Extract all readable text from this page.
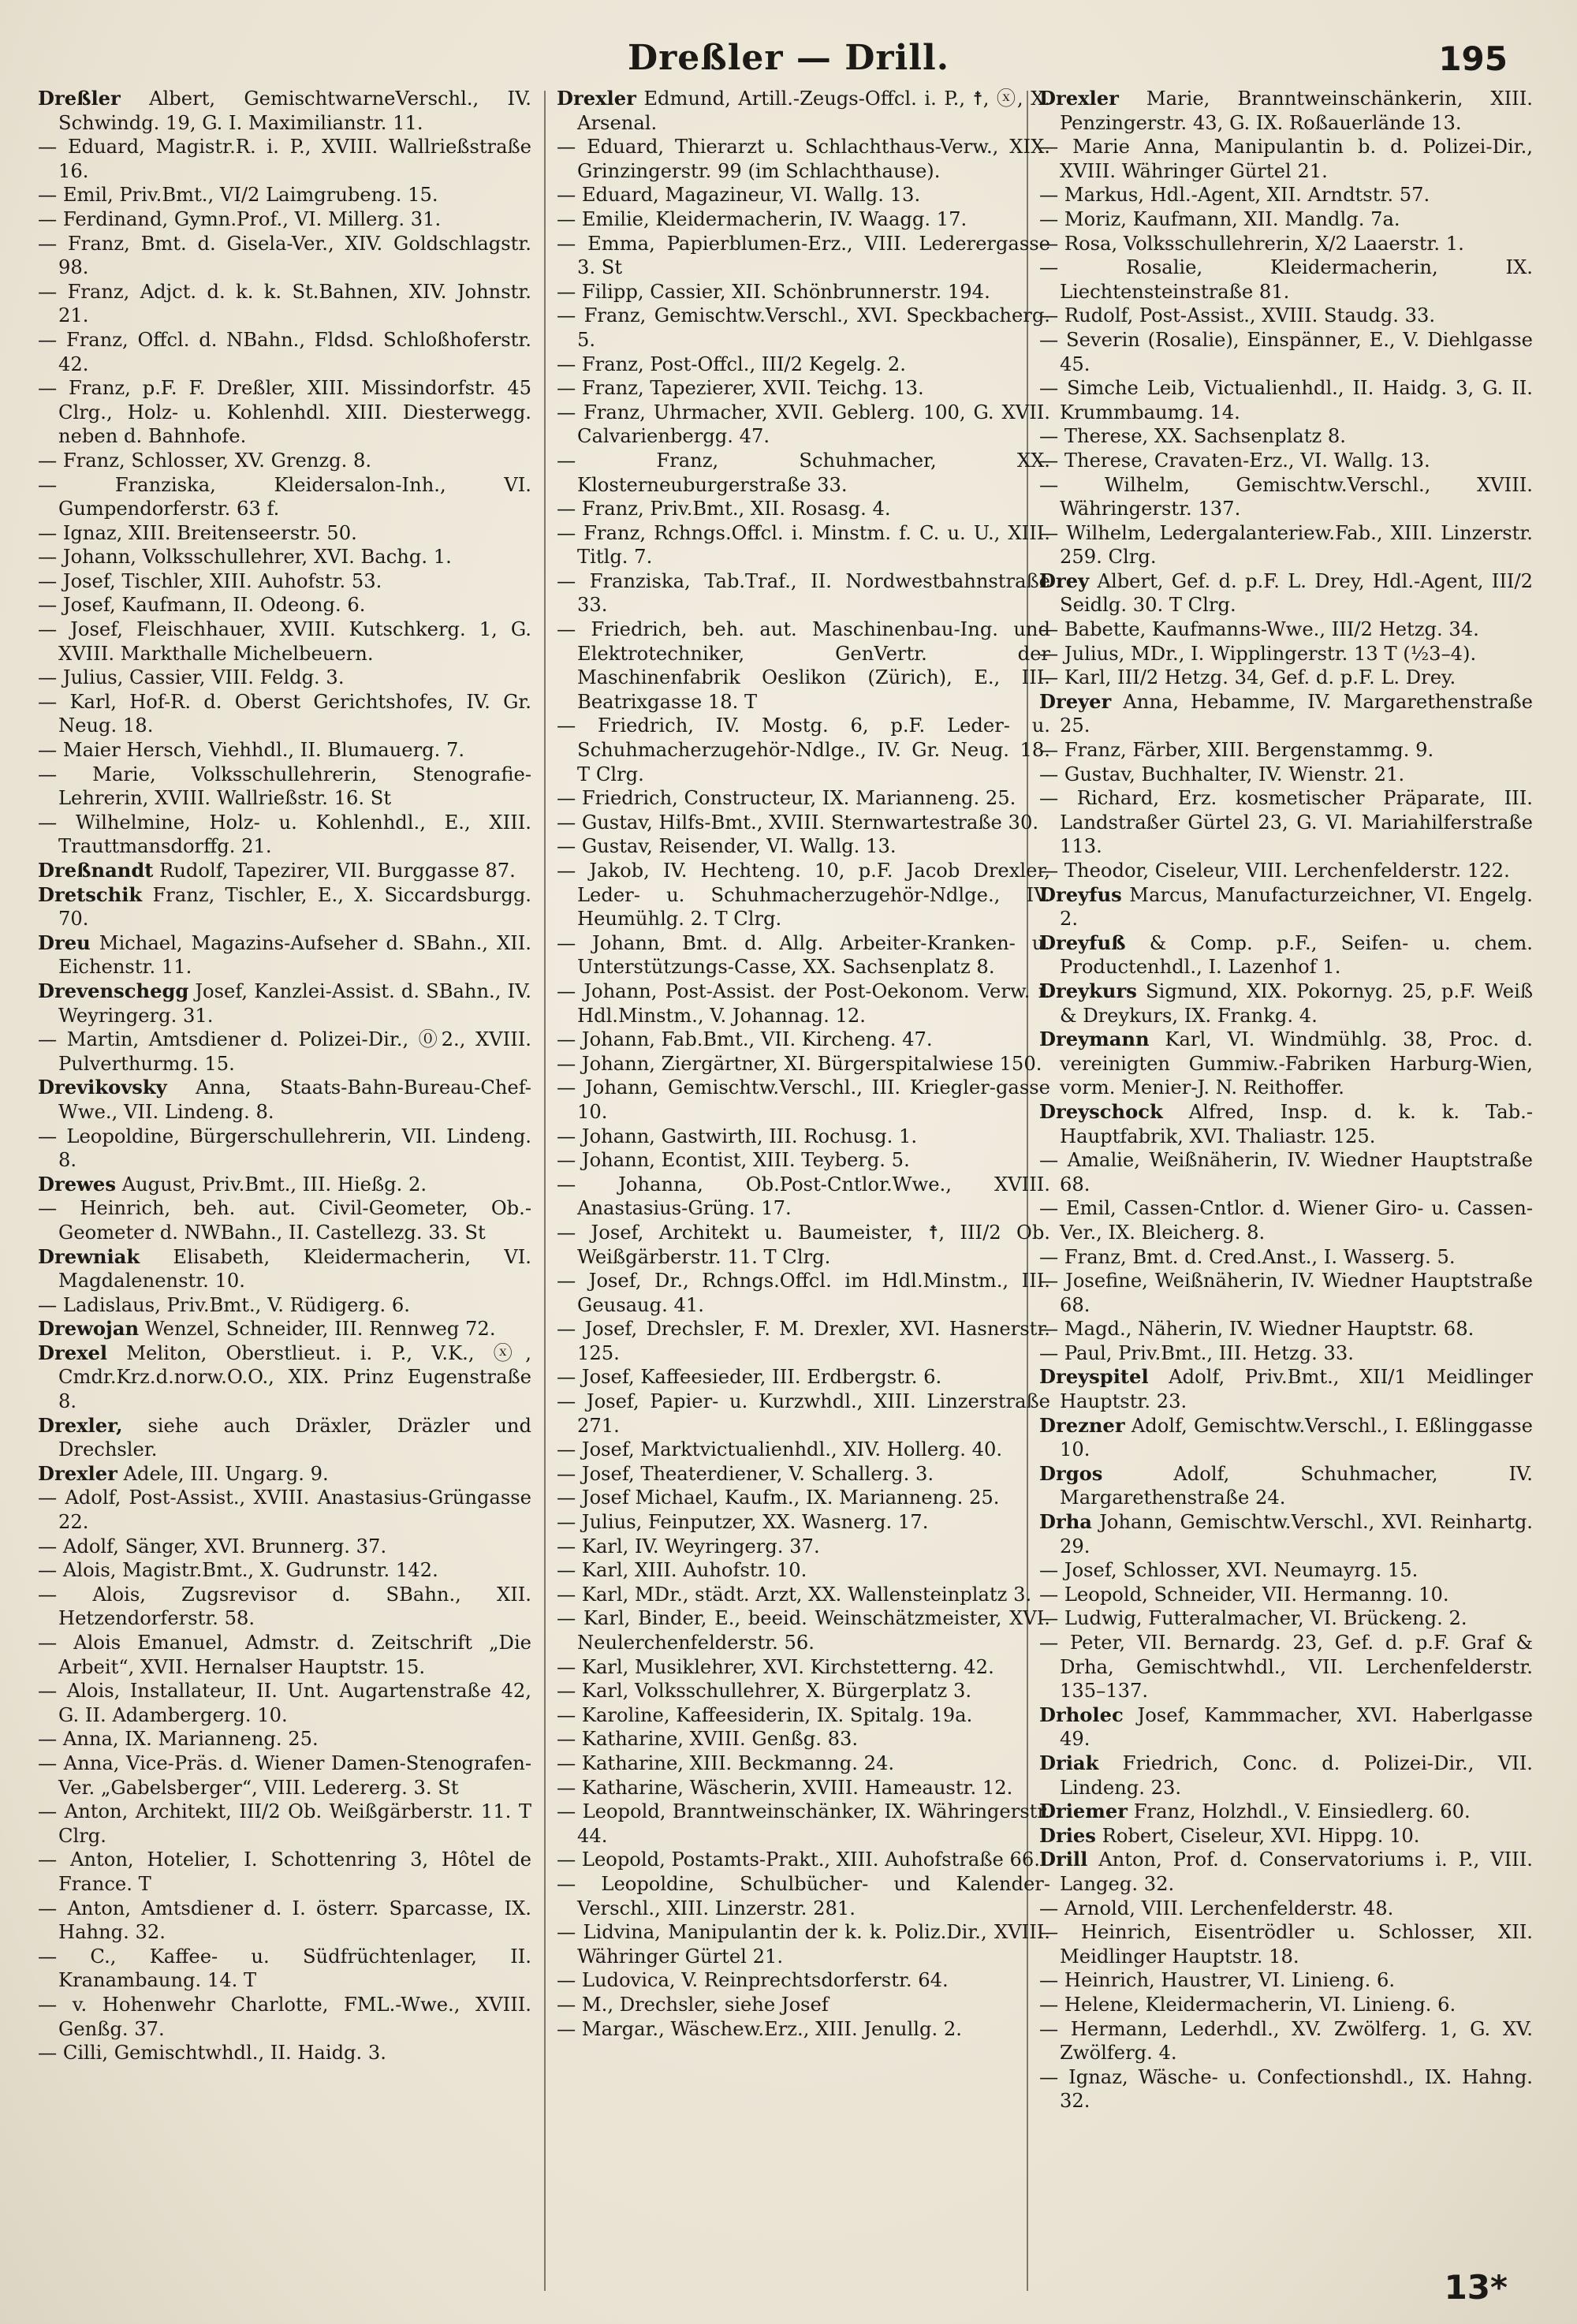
Dreßler — Drill.	195

Dreßler Albert, GemischtwarneVerschl., IV. Schwindg. 19, G. I. Maximilianstr. 11.

— Eduard, Magistr.R. i. P., XVIII. Wallrießstraße 16.

— Emil, Priv.Bmt., VI/2 Laimgrubeng. 15.

— Ferdinand, Gymn.Prof., VI. Millerg. 31.

— Franz, Bmt. d. Gisela-Ver., XIV. Goldschlagstr. 98.

— Franz, Adjct. d. k. k. St.Bahnen, XIV. Johnstr. 21.

— Franz, Offcl. d. NBahn., Fldsd. Schloßhoferstr. 42.

— Franz, p.F. F. Dreßler, XIII. Missindorfstr. 45 Clrg., Holz- u. Kohlenhdl. XIII. Diesterwegg. neben d. Bahnhofe.

— Franz, Schlosser, XV. Grenzg. 8.

— Franziska, Kleidersalon-Inh., VI. Gumpendorferstr. 63 f.

— Ignaz, XIII. Breitenseerstr. 50.

— Johann, Volksschullehrer, XVI. Bachg. 1.

— Josef, Tischler, XIII. Auhofstr. 53.

— Josef, Kaufmann, II. Odeong. 6.

— Josef, Fleischhauer, XVIII. Kutschkerg. 1, G. XVIII. Markthalle Michelbeuern.

— Julius, Cassier, VIII. Feldg. 3.

— Karl, Hof-R. d. Oberst Gerichtshofes, IV. Gr. Neug. 18.

— Maier Hersch, Viehhdl., II. Blumauerg. 7.

— Marie, Volksschullehrerin, Stenografie-Lehrerin, XVIII. Wallrießstr. 16. St

— Wilhelmine, Holz- u. Kohlenhdl., E., XIII. Trauttmansdorffg. 21.

Dreßnandt Rudolf, Tapezirer, VII. Burggasse 87.

Dretschik Franz, Tischler, E., X. Siccardsburgg. 70.

Dreu Michael, Magazins-Aufseher d. SBahn., XII. Eichenstr. 11.

Drevenschegg Josef, Kanzlei-Assist. d. SBahn., IV. Weyringerg. 31.

— Martin, Amtsdiener d. Polizei-Dir., ⓪2., XVIII. Pulverthurmg. 15.

Drevikovsky Anna, Staats-Bahn-Bureau-Chef-Wwe., VII. Lindeng. 8.

— Leopoldine, Bürgerschullehrerin, VII. Lindeng. 8.

Drewes August, Priv.Bmt., III. Hießg. 2.

— Heinrich, beh. aut. Civil-Geometer, Ob.-Geometer d. NWBahn., II. Castellezg. 33. St

Drewniak Elisabeth, Kleidermacherin, VI. Magdalenenstr. 10.

— Ladislaus, Priv.Bmt., V. Rüdigerg. 6.

Drewojan Wenzel, Schneider, III. Rennweg 72.

Drexel Meliton, Oberstlieut. i. P., V.K., ⓧ, Cmdr.Krz.d.norw.O.O., XIX. Prinz Eugenstraße 8.

Drexler, siehe auch Dräxler, Dräzler und Drechsler.

Drexler Adele, III. Ungarg. 9.

— Adolf, Post-Assist., XVIII. Anastasius-Grüngasse 22.

— Adolf, Sänger, XVI. Brunnerg. 37.

— Alois, Magistr.Bmt., X. Gudrunstr. 142.

— Alois, Zugsrevisor d. SBahn., XII. Hetzendorferstr. 58.

— Alois Emanuel, Admstr. d. Zeitschrift „Die Arbeit“, XVII. Hernalser Hauptstr. 15.

— Alois, Installateur, II. Unt. Augartenstraße 42, G. II. Adambergerg. 10.

— Anna, IX. Marianneng. 25.

— Anna, Vice-Präs. d. Wiener Damen-Stenografen-Ver. „Gabelsberger“, VIII. Ledererg. 3. St

— Anton, Architekt, III/2 Ob. Weißgärberstr. 11. T Clrg.

— Anton, Hotelier, I. Schottenring 3, Hôtel de France. T

— Anton, Amtsdiener d. I. österr. Sparcasse, IX. Hahng. 32.

— C., Kaffee- u. Südfrüchtenlager, II. Kranambaung. 14. T

— v. Hohenwehr Charlotte, FML.-Wwe., XVIII. Genßg. 37.

— Cilli, Gemischtwhdl., II. Haidg. 3.

Drexler Edmund, Artill.-Zeugs-Offcl. i. P., ☨, ⓧ, X. Arsenal.

— Eduard, Thierarzt u. Schlachthaus-Verw., XIX. Grinzingerstr. 99 (im Schlachthause).

— Eduard, Magazineur, VI. Wallg. 13.

— Emilie, Kleidermacherin, IV. Waagg. 17.

— Emma, Papierblumen-Erz., VIII. Lederergasse 3. St

— Filipp, Cassier, XII. Schönbrunnerstr. 194.

— Franz, Gemischtw.Verschl., XVI. Speckbacherg. 5.

— Franz, Post-Offcl., III/2 Kegelg. 2.

— Franz, Tapezierer, XVII. Teichg. 13.

— Franz, Uhrmacher, XVII. Geblerg. 100, G. XVII. Calvarienbergg. 47.

— Franz, Schuhmacher, XX. Klosterneuburgerstraße 33.

— Franz, Priv.Bmt., XII. Rosasg. 4.

— Franz, Rchngs.Offcl. i. Minstm. f. C. u. U., XIII. Titlg. 7.

— Franziska, Tab.Traf., II. Nordwestbahnstraße 33.

— Friedrich, beh. aut. Maschinenbau-Ing. und Elektrotechniker, GenVertr. der Maschinenfabrik Oeslikon (Zürich), E., III. Beatrixgasse 18. T

— Friedrich, IV. Mostg. 6, p.F. Leder- u. Schuhmacherzugehör-Ndlge., IV. Gr. Neug. 18. T Clrg.

— Friedrich, Constructeur, IX. Marianneng. 25.

— Gustav, Hilfs-Bmt., XVIII. Sternwartestraße 30.

— Gustav, Reisender, VI. Wallg. 13.

— Jakob, IV. Hechteng. 10, p.F. Jacob Drexler, Leder- u. Schuhmacherzugehör-Ndlge., IV. Heumühlg. 2. T Clrg.

— Johann, Bmt. d. Allg. Arbeiter-Kranken- u. Unterstützungs-Casse, XX. Sachsenplatz 8.

— Johann, Post-Assist. der Post-Oekonom. Verw. i. Hdl.Minstm., V. Johannag. 12.

— Johann, Fab.Bmt., VII. Kircheng. 47.

— Johann, Ziergärtner, XI. Bürgerspitalwiese 150.

— Johann, Gemischtw.Verschl., III. Kriegler-gasse 10.

— Johann, Gastwirth, III. Rochusg. 1.

— Johann, Econtist, XIII. Teyberg. 5.

— Johanna, Ob.Post-Cntlor.Wwe., XVIII. Anastasius-Grüng. 17.

— Josef, Architekt u. Baumeister, ☨, III/2 Ob. Weißgärberstr. 11. T Clrg.

— Josef, Dr., Rchngs.Offcl. im Hdl.Minstm., III. Geusaug. 41.

— Josef, Drechsler, F. M. Drexler, XVI. Hasnerstr. 125.

— Josef, Kaffeesieder, III. Erdbergstr. 6.

— Josef, Papier- u. Kurzwhdl., XIII. Linzerstraße 271.

— Josef, Marktvictualienhdl., XIV. Hollerg. 40.

— Josef, Theaterdiener, V. Schallerg. 3.

— Josef Michael, Kaufm., IX. Marianneng. 25.

— Julius, Feinputzer, XX. Wasnerg. 17.

— Karl, IV. Weyringerg. 37.

— Karl, XIII. Auhofstr. 10.

— Karl, MDr., städt. Arzt, XX. Wallensteinplatz 3.

— Karl, Binder, E., beeid. Weinschätzmeister, XVI. Neulerchenfelderstr. 56.

— Karl, Musiklehrer, XVI. Kirchstetterng. 42.

— Karl, Volksschullehrer, X. Bürgerplatz 3.

— Karoline, Kaffeesiderin, IX. Spitalg. 19a.

— Katharine, XVIII. Genßg. 83.

— Katharine, XIII. Beckmanng. 24.

— Katharine, Wäscherin, XVIII. Hameaustr. 12.

— Leopold, Branntweinschänker, IX. Währingerstr. 44.

— Leopold, Postamts-Prakt., XIII. Auhofstraße 66.

— Leopoldine, Schulbücher- und Kalender-Verschl., XIII. Linzerstr. 281.

— Lidvina, Manipulantin der k. k. Poliz.Dir., XVIII. Währinger Gürtel 21.

— Ludovica, V. Reinprechtsdorferstr. 64.

— M., Drechsler, siehe Josef

— Margar., Wäschew.Erz., XIII. Jenullg. 2.

Drexler Marie, Branntweinschänkerin, XIII. Penzingerstr. 43, G. IX. Roßauerlände 13.

— Marie Anna, Manipulantin b. d. Polizei-Dir., XVIII. Währinger Gürtel 21.

— Markus, Hdl.-Agent, XII. Arndtstr. 57.

— Moriz, Kaufmann, XII. Mandlg. 7a.

— Rosa, Volksschullehrerin, X/2 Laaerstr. 1.

— Rosalie, Kleidermacherin, IX. Liechtensteinstraße 81.

— Rudolf, Post-Assist., XVIII. Staudg. 33.

— Severin (Rosalie), Einspänner, E., V. Diehlgasse 45.

— Simche Leib, Victualienhdl., II. Haidg. 3, G. II. Krummbaumg. 14.

— Therese, XX. Sachsenplatz 8.

— Therese, Cravaten-Erz., VI. Wallg. 13.

— Wilhelm, Gemischtw.Verschl., XVIII. Währingerstr. 137.

— Wilhelm, Ledergalanteriew.Fab., XIII. Linzerstr. 259. Clrg.

Drey Albert, Gef. d. p.F. L. Drey, Hdl.-Agent, III/2 Seidlg. 30. T Clrg.

— Babette, Kaufmanns-Wwe., III/2 Hetzg. 34.

— Julius, MDr., I. Wipplingerstr. 13 T (½3–4).

— Karl, III/2 Hetzg. 34, Gef. d. p.F. L. Drey.

Dreyer Anna, Hebamme, IV. Margarethenstraße 25.

— Franz, Färber, XIII. Bergenstammg. 9.

— Gustav, Buchhalter, IV. Wienstr. 21.

— Richard, Erz. kosmetischer Präparate, III. Landstraßer Gürtel 23, G. VI. Mariahilferstraße 113.

— Theodor, Ciseleur, VIII. Lerchenfelderstr. 122.

Dreyfus Marcus, Manufacturzeichner, VI. Engelg. 2.

Dreyfuß & Comp. p.F., Seifen- u. chem. Productenhdl., I. Lazenhof 1.

Dreykurs Sigmund, XIX. Pokornyg. 25, p.F. Weiß & Dreykurs, IX. Frankg. 4.

Dreymann Karl, VI. Windmühlg. 38, Proc. d. vereinigten Gummiw.-Fabriken Harburg-Wien, vorm. Menier-J. N. Reithoffer.

Dreyschock Alfred, Insp. d. k. k. Tab.-Hauptfabrik, XVI. Thaliastr. 125.

— Amalie, Weißnäherin, IV. Wiedner Hauptstraße 68.

— Emil, Cassen-Cntlor. d. Wiener Giro- u. Cassen-Ver., IX. Bleicherg. 8.

— Franz, Bmt. d. Cred.Anst., I. Wasserg. 5.

— Josefine, Weißnäherin, IV. Wiedner Hauptstraße 68.

— Magd., Näherin, IV. Wiedner Hauptstr. 68.

— Paul, Priv.Bmt., III. Hetzg. 33.

Dreyspitel Adolf, Priv.Bmt., XII/1 Meidlinger Hauptstr. 23.

Drezner Adolf, Gemischtw.Verschl., I. Eßlinggasse 10.

Drgos	Adolf, Schuhmacher, IV. Margarethenstraße 24.

Drha Johann, Gemischtw.Verschl., XVI. Reinhartg. 29.

— Josef, Schlosser, XVI. Neumayrg. 15.

— Leopold, Schneider, VII. Hermanng. 10.

— Ludwig, Futteralmacher, VI. Brückeng. 2.

— Peter, VII. Bernardg. 23, Gef. d. p.F. Graf & Drha, Gemischtwhdl., VII. Lerchenfelderstr. 135–137.

Drholec Josef, Kammmacher, XVI. Haberlgasse 49.

Driak Friedrich, Conc. d. Polizei-Dir., VII. Lindeng. 23.

Driemer Franz, Holzhdl., V. Einsiedlerg. 60.

Dries Robert, Ciseleur, XVI. Hippg. 10.

Drill Anton, Prof. d. Conservatoriums i. P., VIII. Langeg. 32.

— Arnold, VIII. Lerchenfelderstr. 48.

— Heinrich, Eisentrödler u. Schlosser, XII. Meidlinger Hauptstr. 18.

— Heinrich, Haustrer, VI. Linieng. 6.

— Helene, Kleidermacherin, VI. Linieng. 6.

— Hermann, Lederhdl., XV. Zwölferg. 1, G. XV. Zwölferg. 4.

— Ignaz, Wäsche- u. Confectionshdl., IX. Hahng. 32.

13*
